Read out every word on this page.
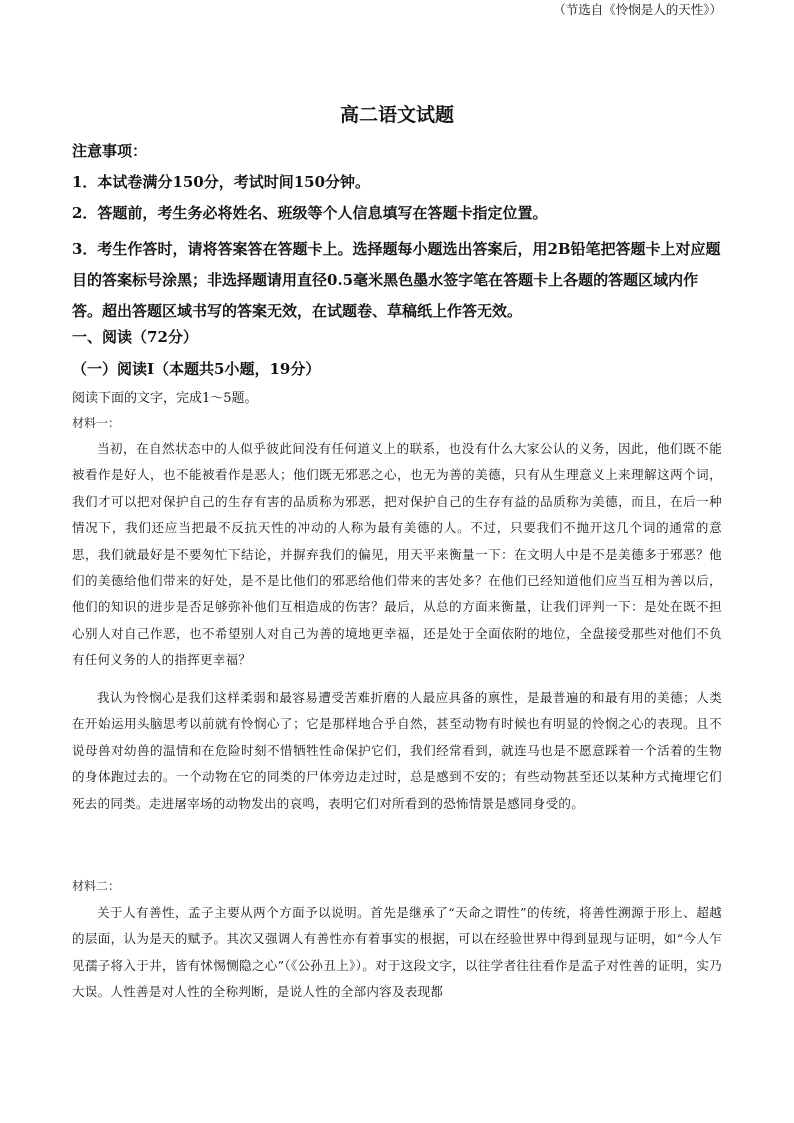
高二语文试题
注意事项：
1．本试卷满分150分，考试时间150分钟。
2．答题前，考生务必将姓名、班级等个人信息填写在答题卡指定位置。
3．考生作答时，请将答案答在答题卡上。选择题每小题选出答案后，用2B铅笔把答题卡上对应题目的答案标号涂黑；非选择题请用直径0.5毫米黑色墨水签字笔在答题卡上各题的答题区域内作答。超出答题区域书写的答案无效，在试题卷、草稿纸上作答无效。
一、阅读（72分）
（一）阅读Ⅰ（本题共5小题，19分）
阅读下面的文字，完成1～5题。
材料一：
当初，在自然状态中的人似乎彼此间没有任何道义上的联系，也没有什么大家公认的义务，因此，他们既不能被看作是好人，也不能被看作是恶人；他们既无邪恶之心，也无为善的美德，只有从生理意义上来理解这两个词，我们才可以把对保护自己的生存有害的品质称为邪恶，把对保护自己的生存有益的品质称为美德，而且，在后一种情况下，我们还应当把最不反抗天性的冲动的人称为最有美德的人。不过，只要我们不抛开这几个词的通常的意思，我们就最好是不要匆忙下结论，并摒弃我们的偏见，用天平来衡量一下：在文明人中是不是美德多于邪恶？他们的美德给他们带来的好处，是不是比他们的邪恶给他们带来的害处多？在他们已经知道他们应当互相为善以后，他们的知识的进步是否足够弥补他们互相造成的伤害？最后，从总的方面来衡量，让我们评判一下：是处在既不担心别人对自己作恶，也不希望别人对自己为善的境地更幸福，还是处于全面依附的地位，全盘接受那些对他们不负有任何义务的人的指挥更幸福？
我认为怜悯心是我们这样柔弱和最容易遭受苦难折磨的人最应具备的禀性，是最普遍的和最有用的美德；人类在开始运用头脑思考以前就有怜悯心了；它是那样地合乎自然，甚至动物有时候也有明显的怜悯之心的表现。且不说母兽对幼兽的温情和在危险时刻不惜牺牲性命保护它们，我们经常看到，就连马也是不愿意踩着一个活着的生物的身体跑过去的。一个动物在它的同类的尸体旁边走过时，总是感到不安的；有些动物甚至还以某种方式掩埋它们死去的同类。走进屠宰场的动物发出的哀鸣，表明它们对所看到的恐怖情景是感同身受的。
（节选自《怜悯是人的天性》）
材料二：
关于人有善性，孟子主要从两个方面予以说明。首先是继承了“天命之谓性”的传统，将善性溯源于形上、超越的层面，认为是天的赋予。其次又强调人有善性亦有着事实的根据，可以在经验世界中得到显现与证明，如“今人乍见孺子将入于井，皆有怵惕恻隐之心”（《公孙丑上》）。对于这段文字，以往学者往往看作是孟子对性善的证明，实乃大误。人性善是对人性的全称判断，是说人性的全部内容及表现都
